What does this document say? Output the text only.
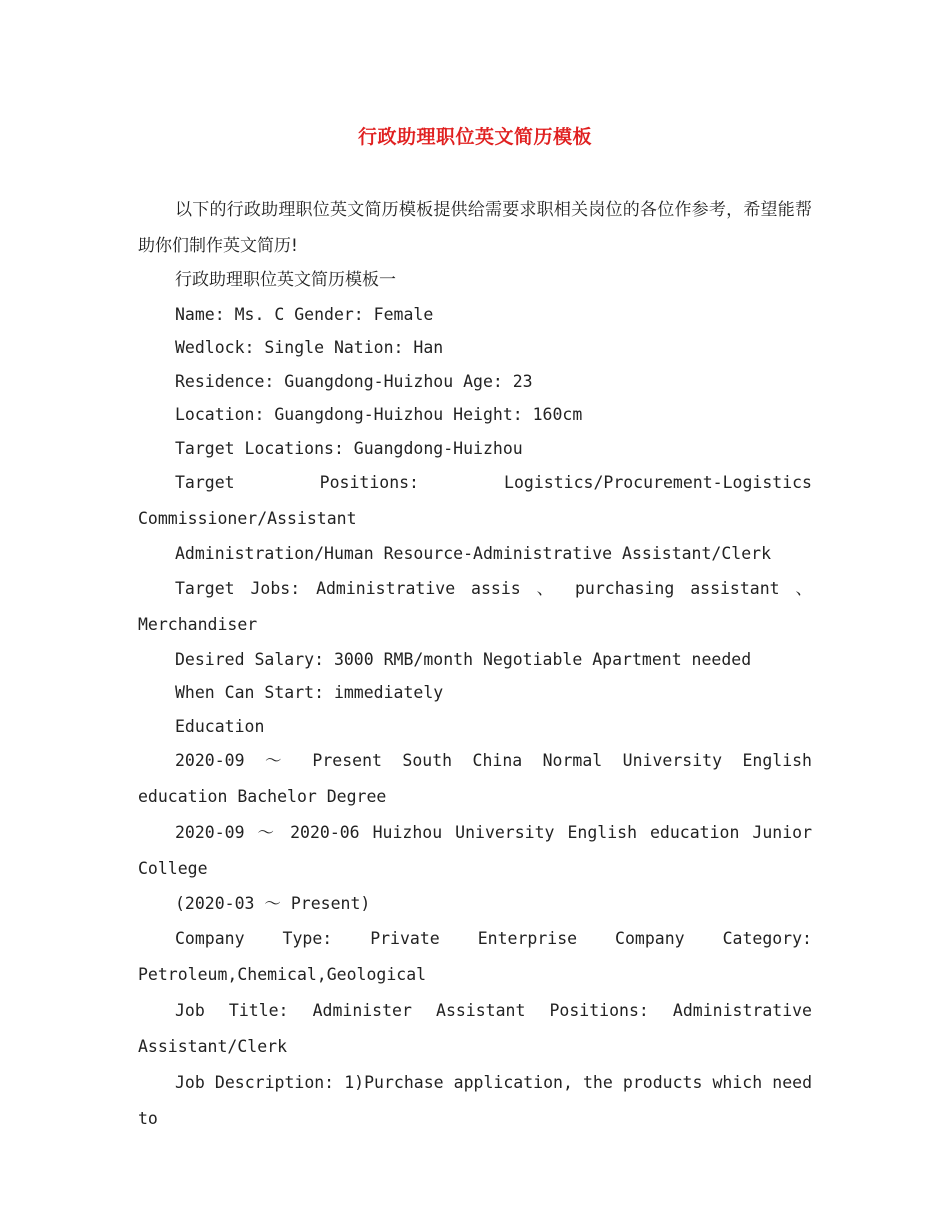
行政助理职位英文简历模板

以下的行政助理职位英文简历模板提供给需要求职相关岗位的各位作参考，希望能帮助你们制作英文简历!

行政助理职位英文简历模板一

Name: Ms. C Gender: Female

Wedlock: Single Nation: Han

Residence: Guangdong-Huizhou Age: 23

Location: Guangdong-Huizhou Height: 160cm

Target Locations: Guangdong-Huizhou

Target Positions: Logistics/Procurement-Logistics Commissioner/Assistant

Administration/Human Resource-Administrative Assistant/Clerk

Target Jobs: Administrative assis 、 purchasing assistant 、 Merchandiser

Desired Salary: 3000 RMB/month Negotiable Apartment needed

When Can Start: immediately

Education

2020-09 ～ Present South China Normal University English education Bachelor Degree

2020-09 ～ 2020-06 Huizhou University English education Junior College

(2020-03 ～ Present)

Company Type: Private Enterprise Company Category: Petroleum,Chemical,Geological

Job Title: Administer Assistant Positions: Administrative Assistant/Clerk

Job Description: 1)Purchase application, the products which need to
